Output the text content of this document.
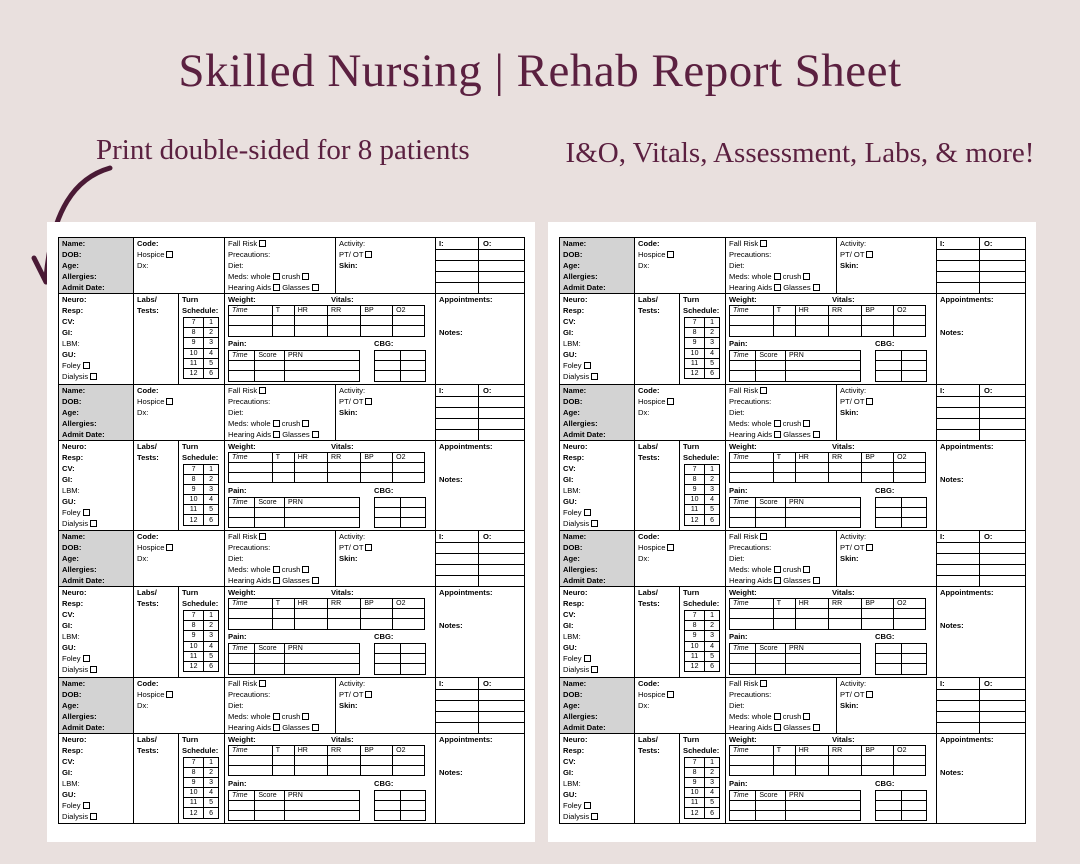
Skilled Nursing | Rehab Report Sheet
Print double-sided for 8 patients	I&O, Vitals, Assessment, Labs, & more!
Name:
DOB:
Age:
Allergies:
Admit Date:
Code:
Hospice
Dx:
Fall Risk
Precautions:
Diet:
Meds: whole crush
Hearing Aids Glasses
Activity:
PT/ OT
Skin:
I:	O:
Neuro:
Resp:
CV:
GI:
LBM:
GU:
Foley
Dialysis
Labs/
Tests:
Turn
Schedule:
7	1
8	2
9	3
10	4
11	5
12	6
Weight:	Vitals:
Time	T	HR	RR	BP	O2

Pain:	CBG:
Time	Score	PRN

Appointments:
Notes:
Name:
DOB:
Age:
Allergies:
Admit Date:
Code:
Hospice
Dx:
Fall Risk
Precautions:
Diet:
Meds: whole crush
Hearing Aids Glasses
Activity:
PT/ OT
Skin:
I:	O:
Neuro:
Resp:
CV:
GI:
LBM:
GU:
Foley
Dialysis
Labs/
Tests:
Turn
Schedule:
7	1
8	2
9	3
10	4
11	5
12	6
Weight:	Vitals:
Time	T	HR	RR	BP	O2

Pain:	CBG:
Time	Score	PRN

Appointments:
Notes:
Name:
DOB:
Age:
Allergies:
Admit Date:
Code:
Hospice
Dx:
Fall Risk
Precautions:
Diet:
Meds: whole crush
Hearing Aids Glasses
Activity:
PT/ OT
Skin:
I:	O:
Neuro:
Resp:
CV:
GI:
LBM:
GU:
Foley
Dialysis
Labs/
Tests:
Turn
Schedule:
7	1
8	2
9	3
10	4
11	5
12	6
Weight:	Vitals:
Time	T	HR	RR	BP	O2

Pain:	CBG:
Time	Score	PRN

Appointments:
Notes:
Name:
DOB:
Age:
Allergies:
Admit Date:
Code:
Hospice
Dx:
Fall Risk
Precautions:
Diet:
Meds: whole crush
Hearing Aids Glasses
Activity:
PT/ OT
Skin:
I:	O:
Neuro:
Resp:
CV:
GI:
LBM:
GU:
Foley
Dialysis
Labs/
Tests:
Turn
Schedule:
7	1
8	2
9	3
10	4
11	5
12	6
Weight:	Vitals:
Time	T	HR	RR	BP	O2

Pain:	CBG:
Time	Score	PRN

Appointments:
Notes:
Name:
DOB:
Age:
Allergies:
Admit Date:
Code:
Hospice
Dx:
Fall Risk
Precautions:
Diet:
Meds: whole crush
Hearing Aids Glasses
Activity:
PT/ OT
Skin:
I:	O:
Neuro:
Resp:
CV:
GI:
LBM:
GU:
Foley
Dialysis
Labs/
Tests:
Turn
Schedule:
7	1
8	2
9	3
10	4
11	5
12	6
Weight:	Vitals:
Time	T	HR	RR	BP	O2

Pain:	CBG:
Time	Score	PRN

Appointments:
Notes:
Name:
DOB:
Age:
Allergies:
Admit Date:
Code:
Hospice
Dx:
Fall Risk
Precautions:
Diet:
Meds: whole crush
Hearing Aids Glasses
Activity:
PT/ OT
Skin:
I:	O:
Neuro:
Resp:
CV:
GI:
LBM:
GU:
Foley
Dialysis
Labs/
Tests:
Turn
Schedule:
7	1
8	2
9	3
10	4
11	5
12	6
Weight:	Vitals:
Time	T	HR	RR	BP	O2

Pain:	CBG:
Time	Score	PRN

Appointments:
Notes:
Name:
DOB:
Age:
Allergies:
Admit Date:
Code:
Hospice
Dx:
Fall Risk
Precautions:
Diet:
Meds: whole crush
Hearing Aids Glasses
Activity:
PT/ OT
Skin:
I:	O:
Neuro:
Resp:
CV:
GI:
LBM:
GU:
Foley
Dialysis
Labs/
Tests:
Turn
Schedule:
7	1
8	2
9	3
10	4
11	5
12	6
Weight:	Vitals:
Time	T	HR	RR	BP	O2

Pain:	CBG:
Time	Score	PRN

Appointments:
Notes:
Name:
DOB:
Age:
Allergies:
Admit Date:
Code:
Hospice
Dx:
Fall Risk
Precautions:
Diet:
Meds: whole crush
Hearing Aids Glasses
Activity:
PT/ OT
Skin:
I:	O:
Neuro:
Resp:
CV:
GI:
LBM:
GU:
Foley
Dialysis
Labs/
Tests:
Turn
Schedule:
7	1
8	2
9	3
10	4
11	5
12	6
Weight:	Vitals:
Time	T	HR	RR	BP	O2

Pain:	CBG:
Time	Score	PRN

Appointments:
Notes:
